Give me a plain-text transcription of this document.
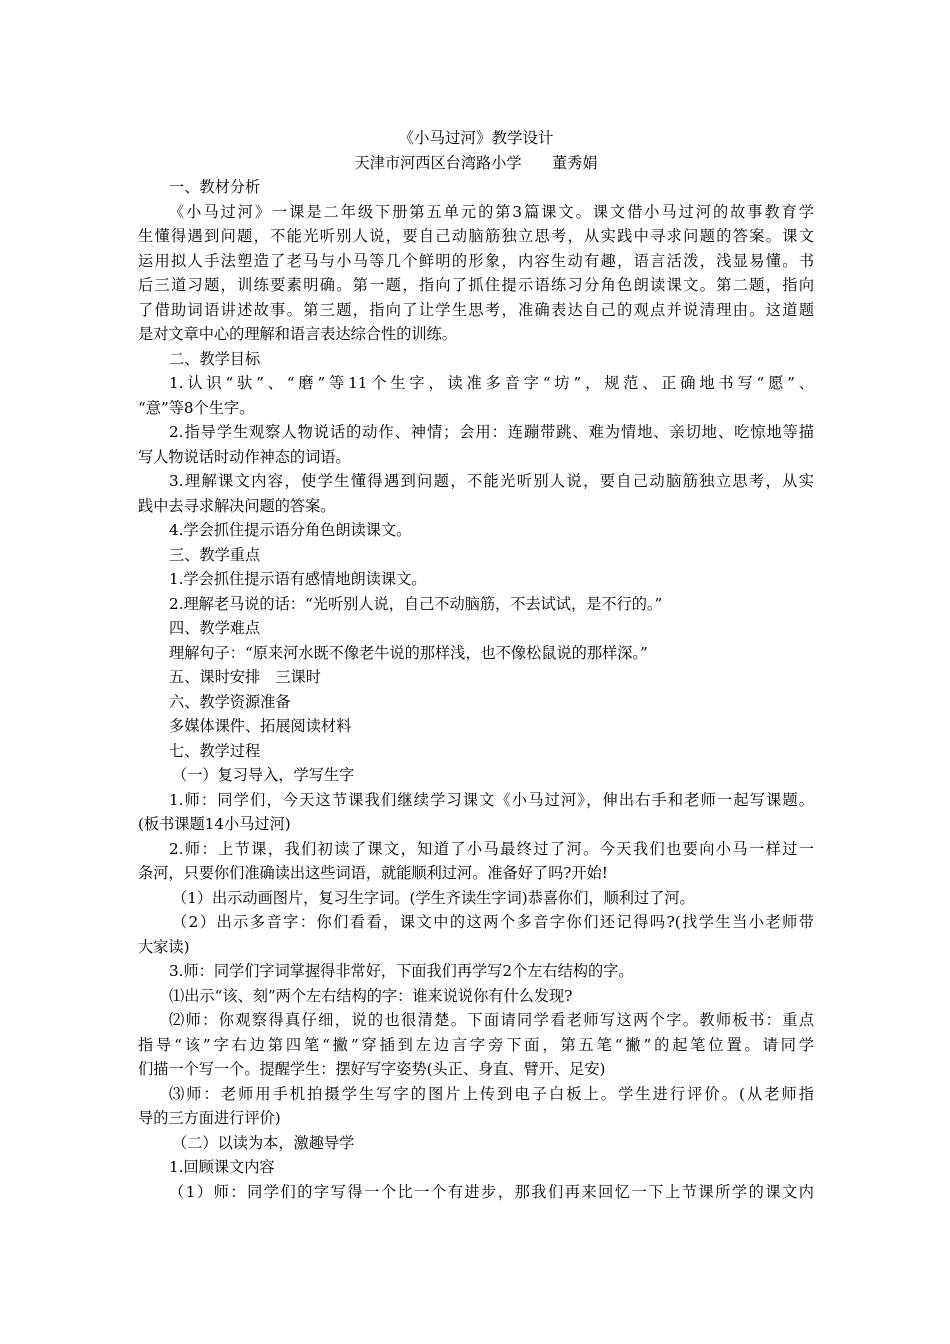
《小马过河》教学设计
天津市河西区台湾路小学　　董秀娟
一、教材分析
《小马过河》一课是二年级下册第五单元的第3篇课文。课文借小马过河的故事教育学
生懂得遇到问题，不能光听别人说，要自己动脑筋独立思考，从实践中寻求问题的答案。课文
运用拟人手法塑造了老马与小马等几个鲜明的形象，内容生动有趣，语言活泼，浅显易懂。书
后三道习题，训练要素明确。第一题，指向了抓住提示语练习分角色朗读课文。第二题，指向
了借助词语讲述故事。第三题，指向了让学生思考，准确表达自己的观点并说清理由。这道题
是对文章中心的理解和语言表达综合性的训练。
二、教学目标
1.认识“驮”、“磨”等11个生字，读准多音字“坊”，规范、正确地书写“愿”、
“意”等8个生字。
2.指导学生观察人物说话的动作、神情；会用：连蹦带跳、难为情地、亲切地、吃惊地等描
写人物说话时动作神态的词语。
3.理解课文内容，使学生懂得遇到问题，不能光听别人说，要自己动脑筋独立思考，从实
践中去寻求解决问题的答案。
4.学会抓住提示语分角色朗读课文。
三、教学重点
1.学会抓住提示语有感情地朗读课文。
2.理解老马说的话：“光听别人说，自己不动脑筋，不去试试，是不行的。”
四、教学难点
理解句子：“原来河水既不像老牛说的那样浅，也不像松鼠说的那样深。”
五、课时安排　三课时
六、教学资源准备
多媒体课件、拓展阅读材料
七、教学过程
（一）复习导入，学写生字
1.师：同学们，今天这节课我们继续学习课文《小马过河》，伸出右手和老师一起写课题。
(板书课题14小马过河)
2.师：上节课，我们初读了课文，知道了小马最终过了河。今天我们也要向小马一样过一
条河，只要你们准确读出这些词语，就能顺利过河。准备好了吗?开始!
（1）出示动画图片，复习生字词。(学生齐读生字词)恭喜你们，顺利过了河。
（2）出示多音字：你们看看，课文中的这两个多音字你们还记得吗?(找学生当小老师带
大家读)
3.师：同学们字词掌握得非常好，下面我们再学写2个左右结构的字。
⑴出示“该、刻”两个左右结构的字：谁来说说你有什么发现?
⑵师：你观察得真仔细，说的也很清楚。下面请同学看老师写这两个字。教师板书：重点
指导“该”字右边第四笔“撇”穿插到左边言字旁下面，第五笔“撇”的起笔位置。请同学
们描一个写一个。提醒学生：摆好写字姿势(头正、身直、臂开、足安)
⑶师：老师用手机拍摄学生写字的图片上传到电子白板上。学生进行评价。(从老师指
导的三方面进行评价)
（二）以读为本，激趣导学
1.回顾课文内容
（1）师：同学们的字写得一个比一个有进步，那我们再来回忆一下上节课所学的课文内
